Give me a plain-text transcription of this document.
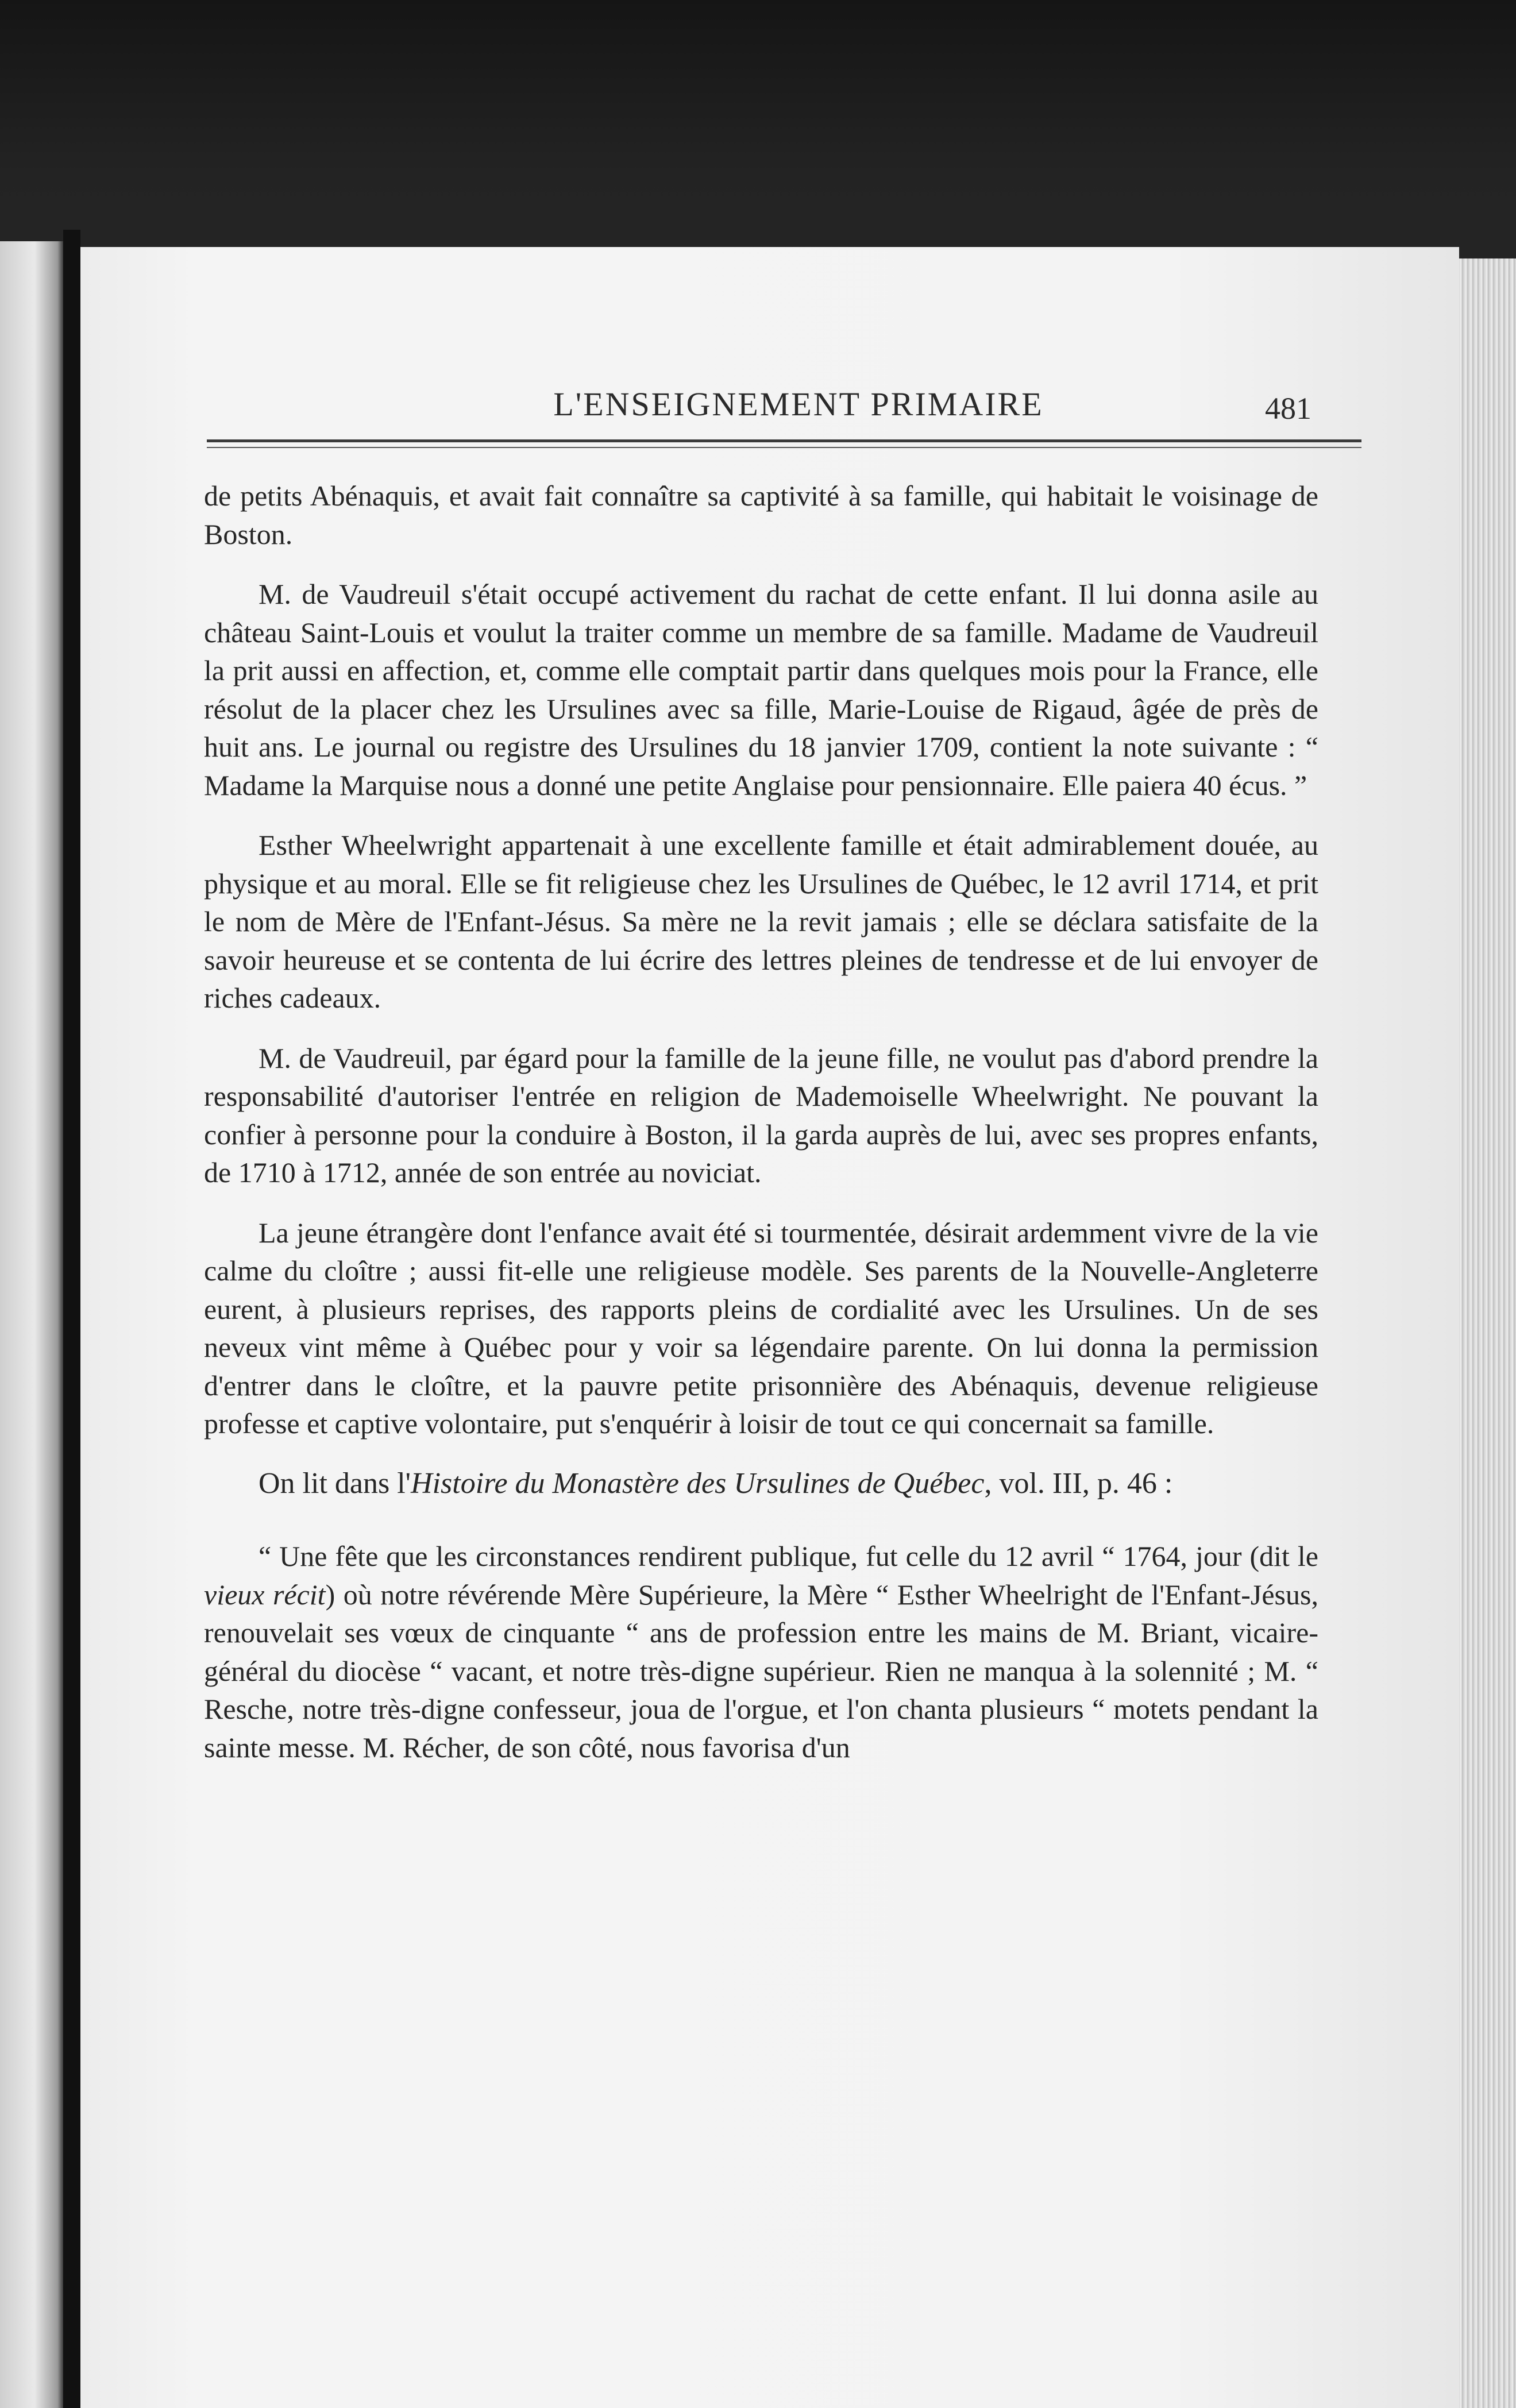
L'ENSEIGNEMENT PRIMAIRE	481

de petits Abénaquis, et avait fait connaître sa captivité à sa famille, qui habitait le voisinage de Boston.

M. de Vaudreuil s'était occupé activement du rachat de cette enfant. Il lui donna asile au château Saint-Louis et voulut la traiter comme un membre de sa famille. Madame de Vaudreuil la prit aussi en affection, et, comme elle comptait partir dans quelques mois pour la France, elle résolut de la placer chez les Ursulines avec sa fille, Marie-Louise de Rigaud, âgée de près de huit ans. Le journal ou registre des Ursulines du 18 janvier 1709, contient la note suivante : “ Madame la Marquise nous a donné une petite Anglaise pour pensionnaire. Elle paiera 40 écus. ”

Esther Wheelwright appartenait à une excellente famille et était admirablement douée, au physique et au moral. Elle se fit religieuse chez les Ursulines de Québec, le 12 avril 1714, et prit le nom de Mère de l'Enfant-Jésus. Sa mère ne la revit jamais ; elle se déclara satisfaite de la savoir heureuse et se contenta de lui écrire des lettres pleines de tendresse et de lui envoyer de riches cadeaux.

M. de Vaudreuil, par égard pour la famille de la jeune fille, ne voulut pas d'abord prendre la responsabilité d'autoriser l'entrée en religion de Mademoiselle Wheelwright. Ne pouvant la confier à personne pour la conduire à Boston, il la garda auprès de lui, avec ses propres enfants, de 1710 à 1712, année de son entrée au noviciat.

La jeune étrangère dont l'enfance avait été si tourmentée, désirait ardemment vivre de la vie calme du cloître ; aussi fit-elle une religieuse modèle. Ses parents de la Nouvelle-Angleterre eurent, à plusieurs reprises, des rapports pleins de cordialité avec les Ursulines. Un de ses neveux vint même à Québec pour y voir sa légendaire parente. On lui donna la permission d'entrer dans le cloître, et la pauvre petite prisonnière des Abénaquis, devenue religieuse professe et captive volontaire, put s'enquérir à loisir de tout ce qui concernait sa famille.

On lit dans l'Histoire du Monastère des Ursulines de Québec, vol. III, p. 46 :

“ Une fête que les circonstances rendirent publique, fut celle du 12 avril “ 1764, jour (dit le vieux récit) où notre révérende Mère Supérieure, la Mère “ Esther Wheelright de l'Enfant-Jésus, renouvelait ses vœux de cinquante “ ans de profession entre les mains de M. Briant, vicaire-général du diocèse “ vacant, et notre très-digne supérieur. Rien ne manqua à la solennité ; M. “ Resche, notre très-digne confesseur, joua de l'orgue, et l'on chanta plusieurs “ motets pendant la sainte messe. M. Récher, de son côté, nous favorisa d'un
